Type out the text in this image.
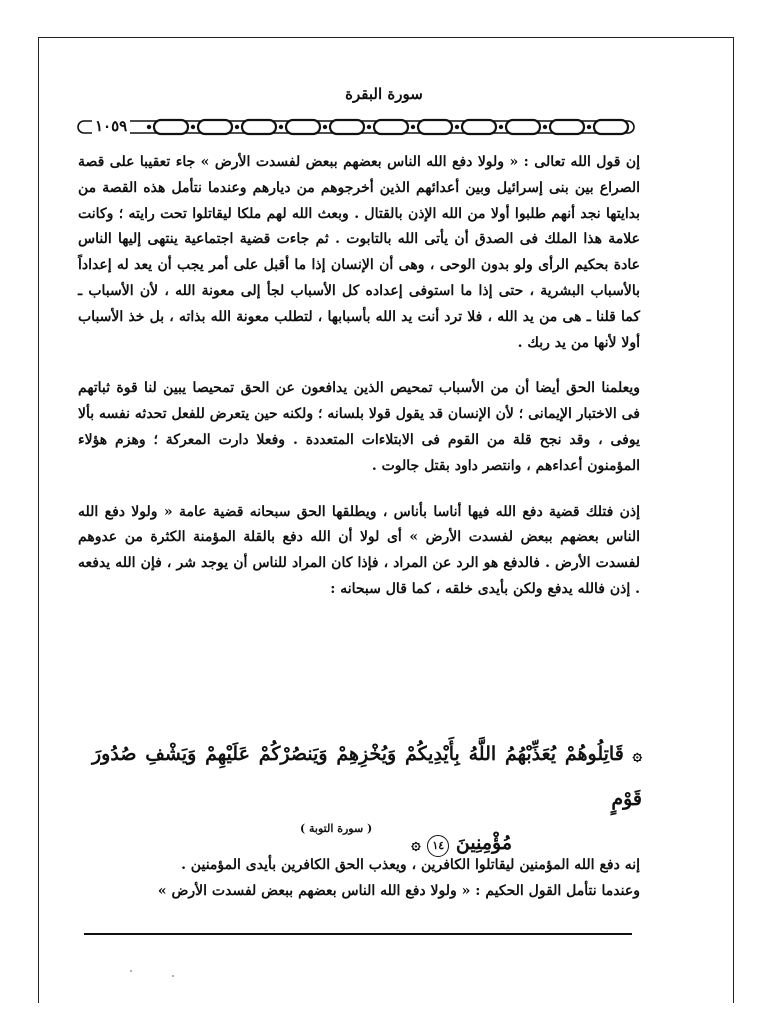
سورة البقرة
١٠٥٩

إن قول الله تعالى : « ولولا دفع الله الناس بعضهم ببعض لفسدت الأرض » جاء تعقيبا على قصة الصراع بين بنى إسرائيل وبين أعدائهم الذين أخرجوهم من ديارهم وعندما نتأمل هذه القصة من بدايتها نجد أنهم طلبوا أولا من الله الإذن بالقتال . وبعث الله لهم ملكا ليقاتلوا تحت رايته ؛ وكانت علامة هذا الملك فى الصدق أن يأتى الله بالتابوت . ثم جاءت قضية اجتماعية ينتهى إليها الناس عادة بحكيم الرأى ولو بدون الوحى ، وهى أن الإنسان إذا ما أقبل على أمر يجب أن يعد له إعداداً بالأسباب البشرية ، حتى إذا ما استوفى إعداده كل الأسباب لجأ إلى معونة الله ، لأن الأسباب ـ كما قلنا ـ هى من يد الله ، فلا ترد أنت يد الله بأسبابها ، لتطلب معونة الله بذاته ، بل خذ الأسباب أولا لأنها من يد ربك .

ويعلمنا الحق أيضا أن من الأسباب تمحيص الذين يدافعون عن الحق تمحيصا يبين لنا قوة ثباتهم فى الاختبار الإيمانى ؛ لأن الإنسان قد يقول قولا بلسانه ؛ ولكنه حين يتعرض للفعل تحدثه نفسه بألا يوفى ، وقد نجح قلة من القوم فى الابتلاءات المتعددة . وفعلا دارت المعركة ؛ وهزم هؤلاء المؤمنون أعداءهم ، وانتصر داود بقتل جالوت .

إذن فتلك قضية دفع الله فيها أناسا بأناس ، ويطلقها الحق سبحانه قضية عامة « ولولا دفع الله الناس بعضهم ببعض لفسدت الأرض » أى لولا أن الله دفع بالقلة المؤمنة الكثرة من عدوهم لفسدت الأرض . فالدفع هو الرد عن المراد ، فإذا كان المراد للناس أن يوجد شر ، فإن الله يدفعه . إذن فالله يدفع ولكن بأيدى خلقه ، كما قال سبحانه :

۞ قَاتِلُوهُمْ يُعَذِّبْهُمُ اللَّهُ بِأَيْدِيكُمْ وَيُخْزِهِمْ وَيَنصُرْكُمْ عَلَيْهِمْ وَيَشْفِ صُدُورَ قَوْمٍ
مُؤْمِنِينَ ١٤ ۞
( سورة التوبة )
إنه دفع الله المؤمنين ليقاتلوا الكافرين ، ويعذب الحق الكافرين بأيدى المؤمنين .
وعندما نتأمل القول الحكيم : « ولولا دفع الله الناس بعضهم ببعض لفسدت الأرض »
